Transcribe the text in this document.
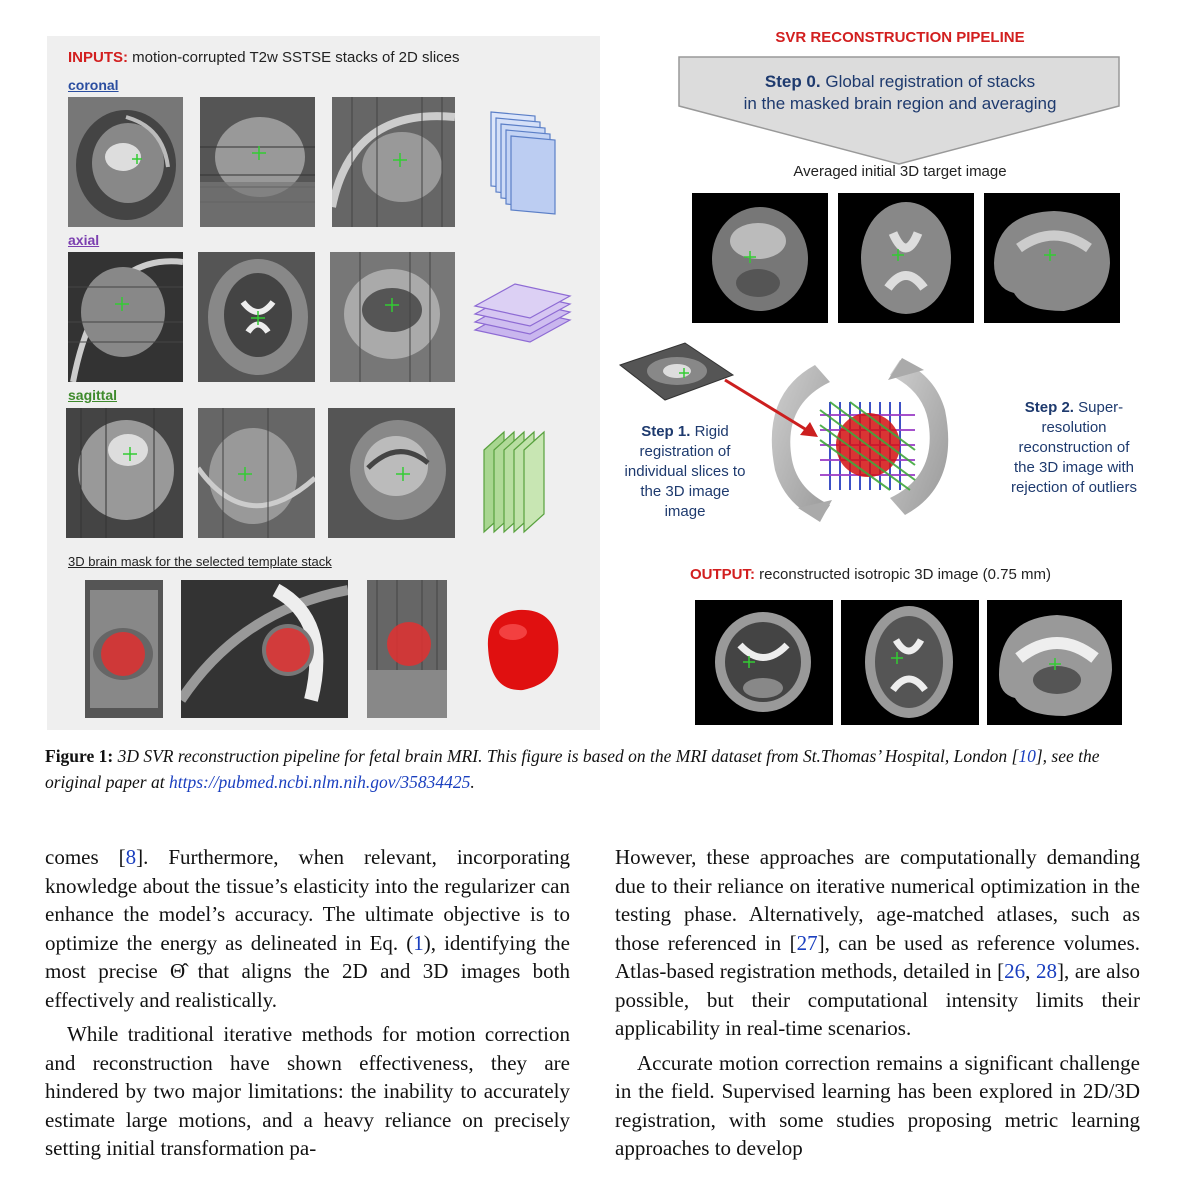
INPUTS: motion-corrupted T2w SSTSE stacks of 2D slices
coronal
axial
sagittal
3D brain mask for the selected template stack
SVR RECONSTRUCTION PIPELINE
Step 0. Global registration of stacks
in the masked brain region and averaging
Averaged initial 3D target image
Step 1. Rigid registration of individual slices to the 3D image image
Step 2. Super-resolution reconstruction of the 3D image with rejection of outliers
OUTPUT: reconstructed isotropic 3D image (0.75 mm)
Figure 1: 3D SVR reconstruction pipeline for fetal brain MRI. This figure is based on the MRI dataset from St.Thomas’ Hospital, London [10], see the original paper at https://pubmed.ncbi.nlm.nih.gov/35834425.

comes [8]. Furthermore, when relevant, incorporating knowledge about the tissue’s elasticity into the regularizer can enhance the model’s accuracy. The ultimate objective is to optimize the energy as delineated in Eq. (1), identifying the most precise Θ̂ that aligns the 2D and 3D images both effectively and realistically.

While traditional iterative methods for motion correction and reconstruction have shown effectiveness, they are hindered by two major limitations: the inability to accurately estimate large motions, and a heavy reliance on precisely setting initial transformation pa-

However, these approaches are computationally demanding due to their reliance on iterative numerical optimization in the testing phase. Alternatively, age-matched atlases, such as those referenced in [27], can be used as reference volumes. Atlas-based registration methods, detailed in [26, 28], are also possible, but their computational intensity limits their applicability in real-time scenarios.

Accurate motion correction remains a significant challenge in the field. Supervised learning has been explored in 2D/3D registration, with some studies proposing metric learning approaches to develop
